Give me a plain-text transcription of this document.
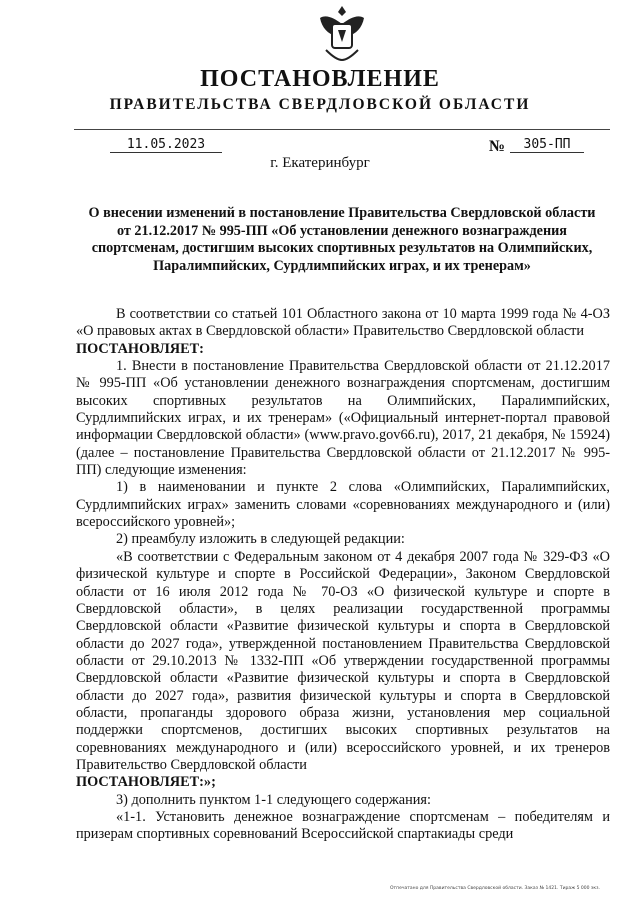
ПОСТАНОВЛЕНИЕ
ПРАВИТЕЛЬСТВА СВЕРДЛОВСКОЙ ОБЛАСТИ
11.05.2023	№	305-ПП
г. Екатеринбург
О внесении изменений в постановление Правительства Свердловской области от 21.12.2017 № 995-ПП «Об установлении денежного вознаграждения спортсменам, достигшим высоких спортивных результатов на Олимпийских, Паралимпийских, Сурдлимпийских играх, и их тренерам»

В соответствии со статьей 101 Областного закона от 10 марта 1999 года № 4-ОЗ «О правовых актах в Свердловской области» Правительство Свердловской области

ПОСТАНОВЛЯЕТ:

1. Внести в постановление Правительства Свердловской области от 21.12.2017 № 995-ПП «Об установлении денежного вознаграждения спортсменам, достигшим высоких спортивных результатов на Олимпийских, Паралимпийских, Сурдлимпийских играх, и их тренерам» («Официальный интернет-портал правовой информации Свердловской области» (www.pravo.gov66.ru), 2017, 21 декабря, № 15924) (далее – постановление Правительства Свердловской области от 21.12.2017 № 995-ПП) следующие изменения:

1) в наименовании и пункте 2 слова «Олимпийских, Паралимпийских, Сурдлимпийских играх» заменить словами «соревнованиях международного и (или) всероссийского уровней»;

2) преамбулу изложить в следующей редакции:

«В соответствии с Федеральным законом от 4 декабря 2007 года № 329-ФЗ «О физической культуре и спорте в Российской Федерации», Законом Свердловской области от 16 июля 2012 года № 70-ОЗ «О физической культуре и спорте в Свердловской области», в целях реализации государственной программы Свердловской области «Развитие физической культуры и спорта в Свердловской области до 2027 года», утвержденной постановлением Правительства Свердловской области от 29.10.2013 № 1332-ПП «Об утверждении государственной программы Свердловской области «Развитие физической культуры и спорта в Свердловской области до 2027 года», развития физической культуры и спорта в Свердловской области, пропаганды здорового образа жизни, установления мер социальной поддержки спортсменов, достигших высоких спортивных результатов на соревнованиях международного и (или) всероссийского уровней, и их тренеров Правительство Свердловской области

ПОСТАНОВЛЯЕТ:»;

3) дополнить пунктом 1-1 следующего содержания:

«1-1. Установить денежное вознаграждение спортсменам – победителям и призерам спортивных соревнований Всероссийской спартакиады среди

Отпечатано для Правительства Свердловской области. Заказ № 1421. Тираж 5 000 экз.
